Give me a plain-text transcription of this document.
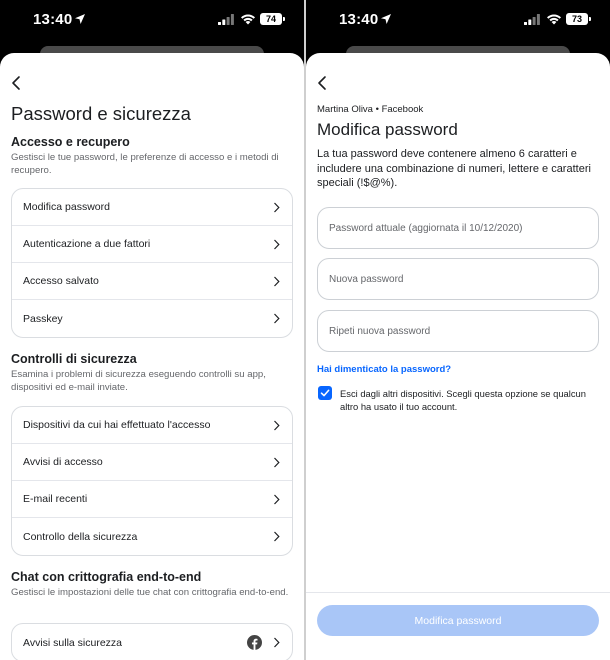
13:40	74
Password e sicurezza
Accesso e recupero
Gestisci le tue password, le preferenze di accesso e i metodi di recupero.
Modifica password
Autenticazione a due fattori
Accesso salvato
Passkey
Controlli di sicurezza
Esamina i problemi di sicurezza eseguendo controlli su app, dispositivi ed e-mail inviate.
Dispositivi da cui hai effettuato l'accesso
Avvisi di accesso
E-mail recenti
Controllo della sicurezza
Chat con crittografia end-to-end
Gestisci le impostazioni delle tue chat con crittografia end-to-end.
Avvisi sulla sicurezza
13:40	73
Martina Oliva • Facebook
Modifica password
La tua password deve contenere almeno 6 caratteri e includere una combinazione di numeri, lettere e caratteri speciali (!$@%).
Hai dimenticato la password?
Esci dagli altri dispositivi. Scegli questa opzione se qualcun altro ha usato il tuo account.
Modifica password
